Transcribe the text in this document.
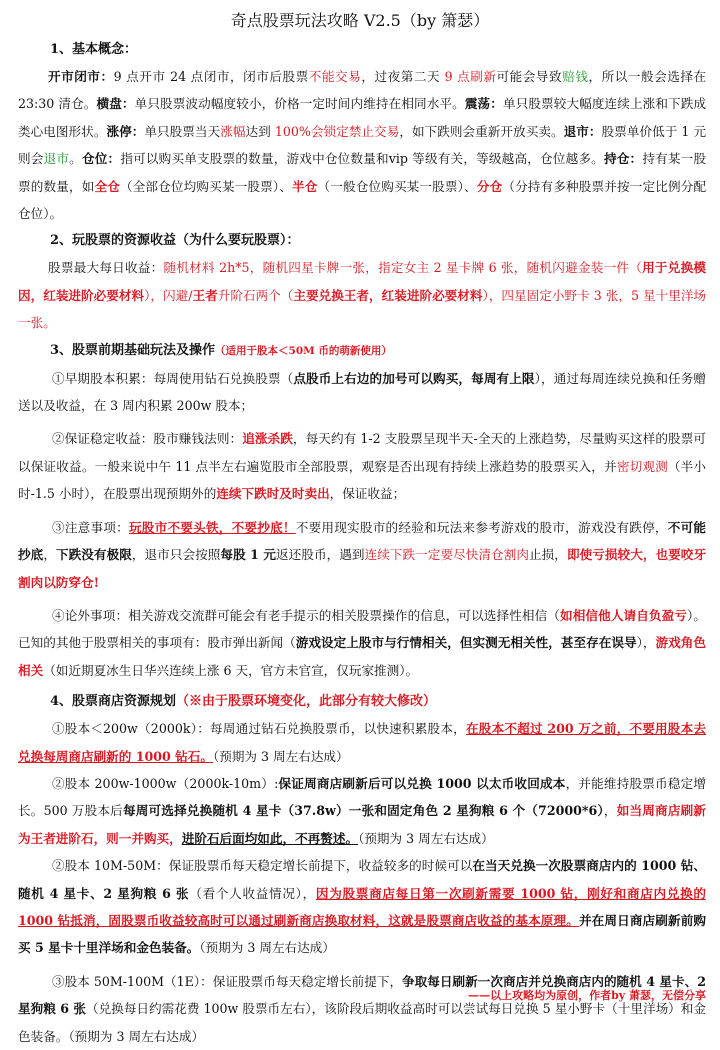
奇点股票玩法攻略 V2.5（by 箫瑟）
1、基本概念：
开市闭市：9 点开市 24 点闭市，闭市后股票不能交易，过夜第二天 9 点刷新可能会导致赔钱，所以一般会选择在 23:30 清仓。横盘：单只股票波动幅度较小，价格一定时间内维持在相同水平。震荡：单只股票较大幅度连续上涨和下跌成类心电图形状。涨停：单只股票当天涨幅达到 100%会锁定禁止交易，如下跌则会重新开放买卖。退市：股票单价低于 1 元则会退市。仓位：指可以购买单支股票的数量，游戏中仓位数量和vip 等级有关，等级越高，仓位越多。持仓：持有某一股票的数量，如全仓（全部仓位均购买某一股票）、半仓（一般仓位购买某一股票）、分仓（分持有多种股票并按一定比例分配仓位）。
2、玩股票的资源收益（为什么要玩股票）：
股票最大每日收益：随机材料 2h*5，随机四星卡牌一张，指定女主 2 星卡牌 6 张，随机闪避金装一件（用于兑换模因，红装进阶必要材料），闪避/王者升阶石两个（主要兑换王者，红装进阶必要材料），四星固定小野卡 3 张，5 星十里洋场一张。
3、股票前期基础玩法及操作（适用于股本＜50M 币的萌新使用）
①早期股本积累：每周使用钻石兑换股票（点股币上右边的加号可以购买，每周有上限），通过每周连续兑换和任务赠送以及收益，在 3 周内积累 200w 股本；
②保证稳定收益：股市赚钱法则：追涨杀跌，每天约有 1-2 支股票呈现半天-全天的上涨趋势，尽量购买这样的股票可以保证收益。一般来说中午 11 点半左右遍览股市全部股票，观察是否出现有持续上涨趋势的股票买入，并密切观测（半小时-1.5 小时），在股票出现预期外的连续下跌时及时卖出，保证收益；
③注意事项：玩股市不要头铁，不要抄底！不要用现实股市的经验和玩法来参考游戏的股市，游戏没有跌停，不可能抄底，下跌没有极限，退市只会按照每股 1 元返还股币，遇到连续下跌一定要尽快清仓割肉止损，即使亏损较大，也要咬牙割肉以防穿仓!
④论外事项：相关游戏交流群可能会有老手提示的相关股票操作的信息，可以选择性相信（如相信他人请自负盈亏）。已知的其他于股票相关的事项有：股市弹出新闻（游戏设定上股市与行情相关，但实测无相关性，甚至存在误导），游戏角色相关（如近期夏冰生日华兴连续上涨 6 天，官方未官宣，仅玩家推测）。
4、股票商店资源规划（※由于股票环境变化，此部分有较大修改）
①股本＜200w（2000k）：每周通过钻石兑换股票币，以快速积累股本，在股本不超过 200 万之前，不要用股本去兑换每周商店刷新的 1000 钻石。（预期为 3 周左右达成）
②股本 200w-1000w（2000k-10m）:保证周商店刷新后可以兑换 1000 以太币收回成本，并能维持股票币稳定增长。500 万股本后每周可选择兑换随机 4 星卡（37.8w）一张和固定角色 2 星狗粮 6 个（72000*6），如当周商店刷新为王者进阶石，则一并购买，进阶石后面均如此，不再赘述。（预期为 3 周左右达成）
②股本 10M-50M：保证股票币每天稳定增长前提下，收益较多的时候可以在当天兑换一次股票商店内的 1000 钻、随机 4 星卡、2 星狗粮 6 张（看个人收益情况），因为股票商店每日第一次刷新需要 1000 钻，刚好和商店内兑换的 1000 钻抵消，固股票币收益较高时可以通过刷新商店换取材料，这就是股票商店收益的基本原理。并在周日商店刷新前购买 5 星卡十里洋场和金色装备。（预期为 3 周左右达成）
③股本 50M-100M（1E）：保证股票币每天稳定增长前提下，争取每日刷新一次商店并兑换商店内的随机 4 星卡、2 星狗粮 6 张（兑换每日约需花费 100w 股票币左右），该阶段后期收益高时可以尝试每日兑换 5 星小野卡（十里洋场）和金色装备。（预期为 3 周左右达成）
——以上攻略均为原创，作者by 萧瑟，无偿分享
